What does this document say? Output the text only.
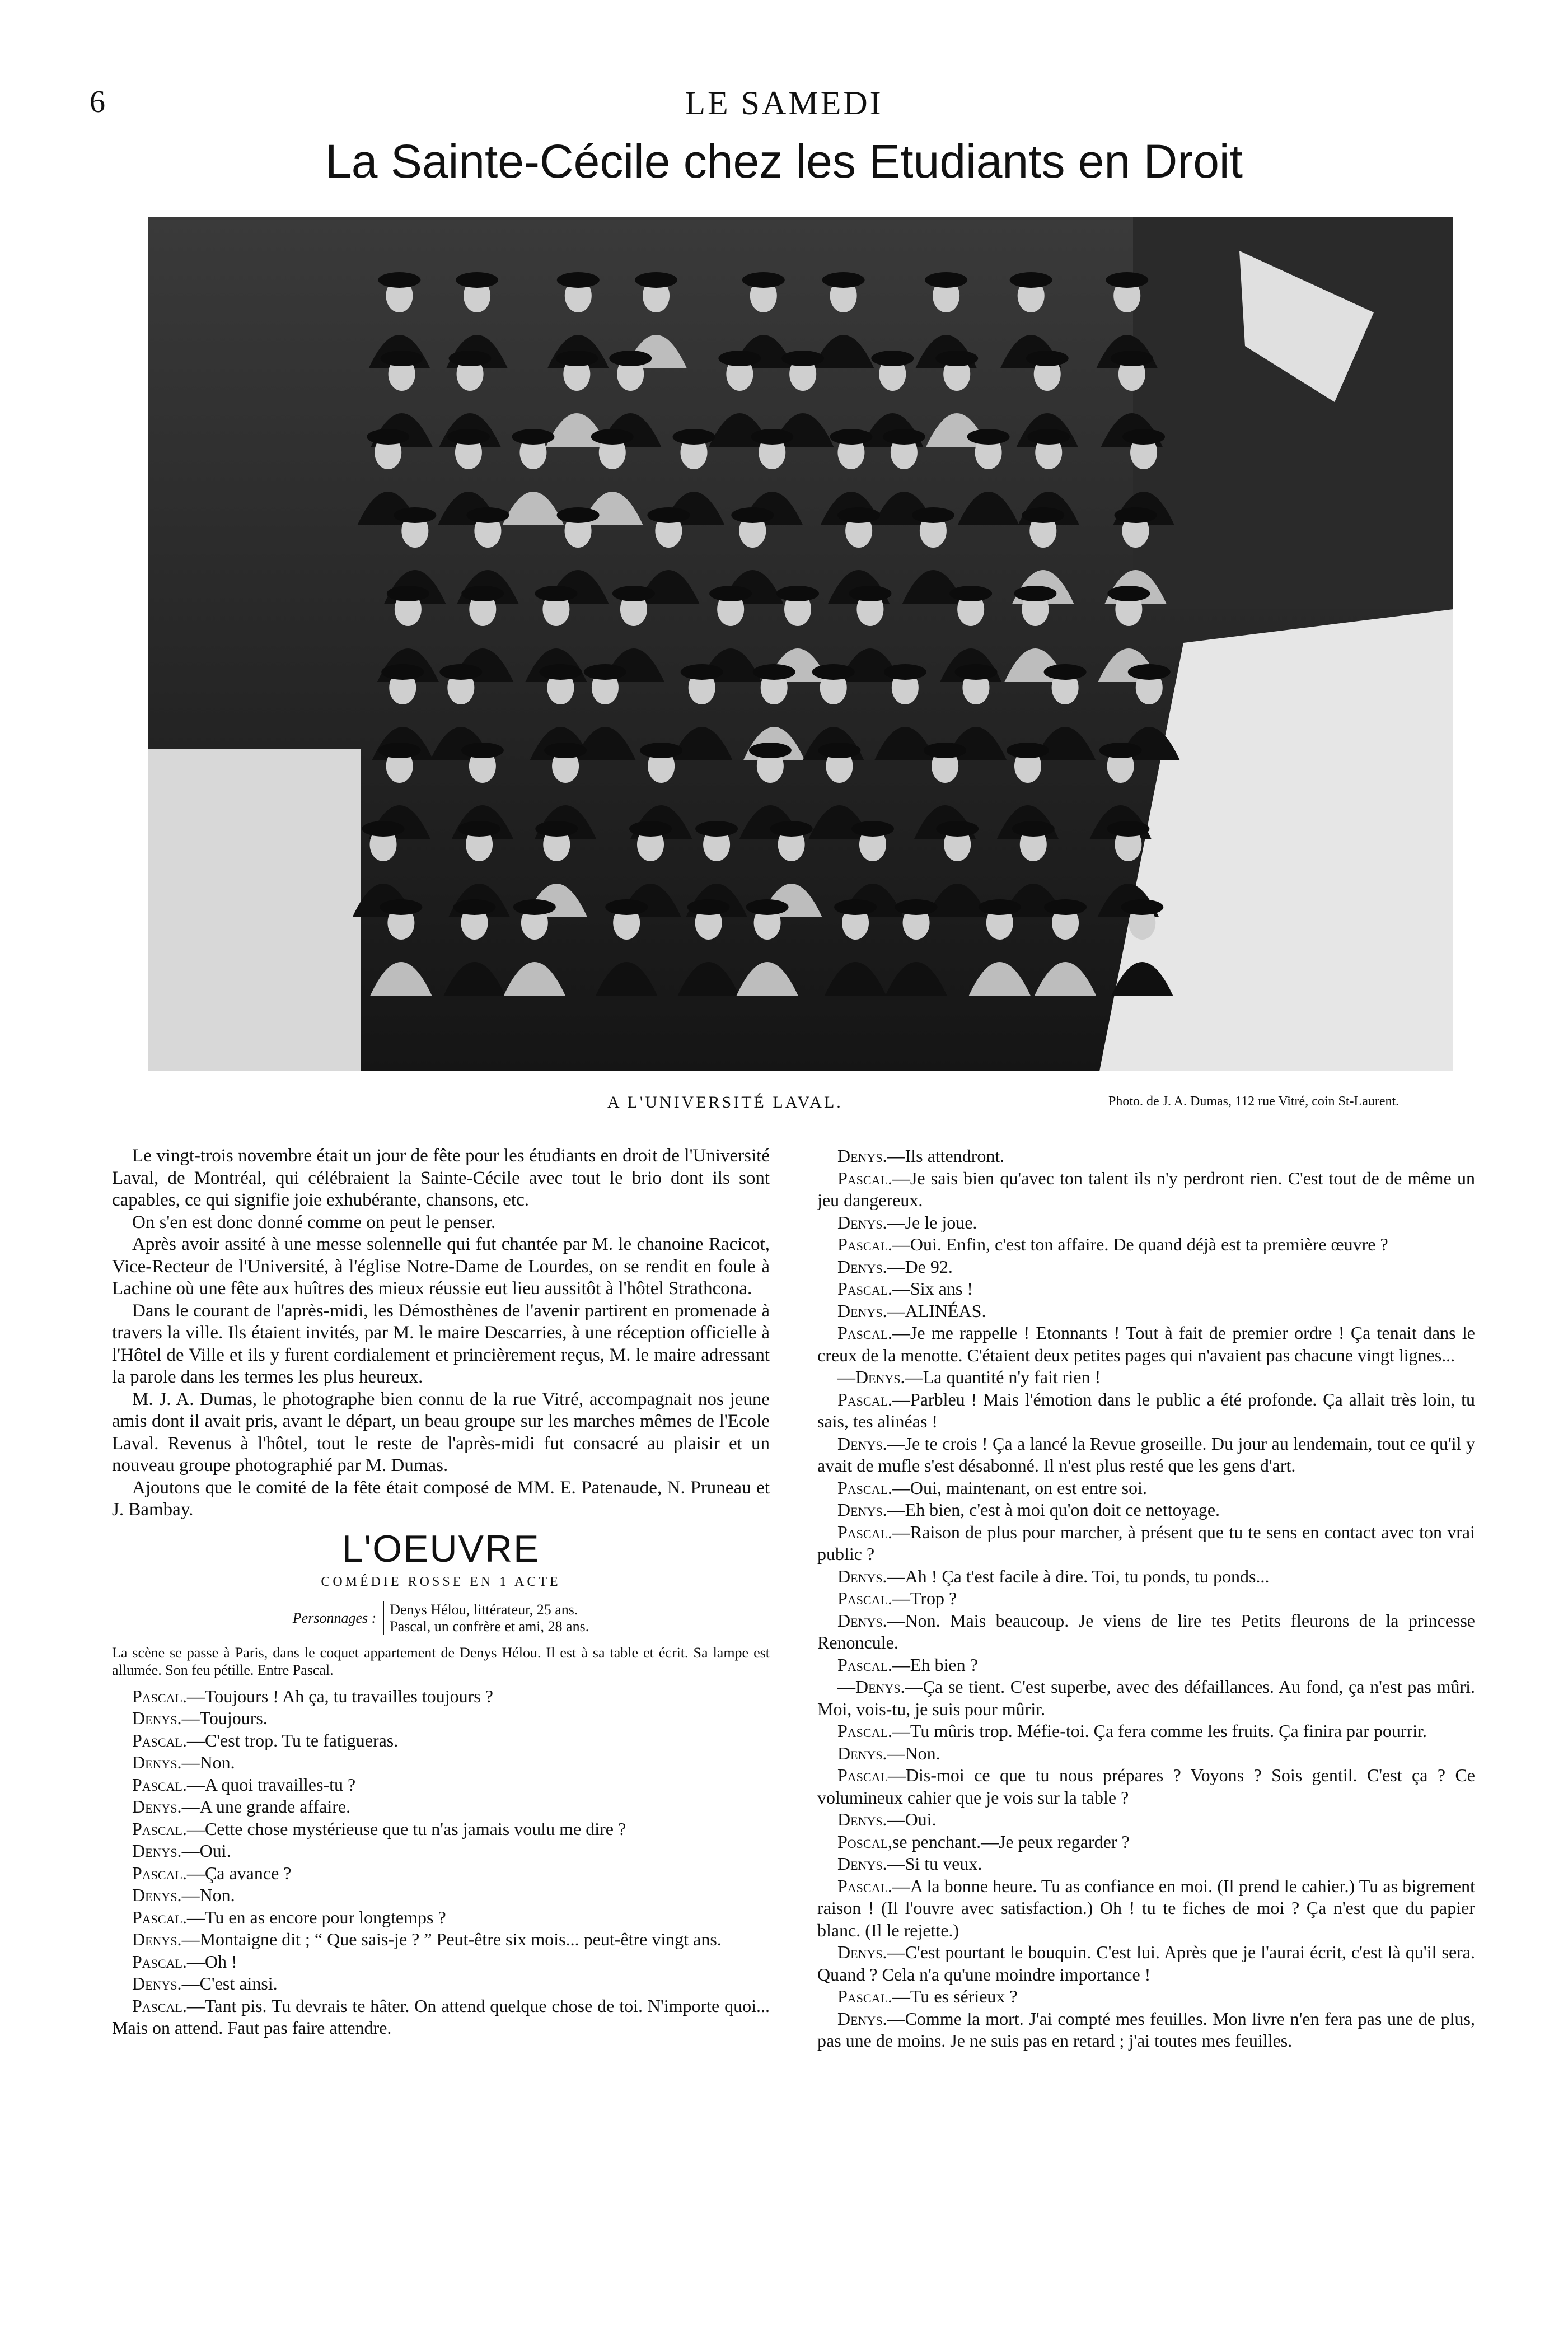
6	LE SAMEDI
La Sainte-Cécile chez les Etudiants en Droit
A L'UNIVERSITÉ LAVAL.	Photo. de J. A. Dumas, 112 rue Vitré, coin St-Laurent.

Le vingt-trois novembre était un jour de fête pour les étudiants en droit de l'Université Laval, de Montréal, qui célébraient la Sainte-Cécile avec tout le brio dont ils sont capables, ce qui signifie joie exhubérante, chansons, etc.

On s'en est donc donné comme on peut le penser.

Après avoir assité à une messe solennelle qui fut chantée par M. le chanoine Racicot, Vice-Recteur de l'Université, à l'église Notre-Dame de Lourdes, on se rendit en foule à Lachine où une fête aux huîtres des mieux réussie eut lieu aussitôt à l'hôtel Strathcona.

Dans le courant de l'après-midi, les Démosthènes de l'avenir partirent en promenade à travers la ville. Ils étaient invités, par M. le maire Descarries, à une réception officielle à l'Hôtel de Ville et ils y furent cordialement et princièrement reçus, M. le maire adressant la parole dans les termes les plus heureux.

M. J. A. Dumas, le photographe bien connu de la rue Vitré, accompagnait nos jeune amis dont il avait pris, avant le départ, un beau groupe sur les marches mêmes de l'Ecole Laval. Revenus à l'hôtel, tout le reste de l'après-midi fut consacré au plaisir et un nouveau groupe photographié par M. Dumas.

Ajoutons que le comité de la fête était composé de MM. E. Patenaude, N. Pruneau et J. Bambay.

L'OEUVRE
COMÉDIE ROSSE EN 1 ACTE
Personnages :
Denys Hélou, littérateur, 25 ans.
Pascal, un confrère et ami, 28 ans.

La scène se passe à Paris, dans le coquet appartement de Denys Hélou. Il est à sa table et écrit. Sa lampe est allumée. Son feu pétille. Entre Pascal.

Pascal.—Toujours ! Ah ça, tu travailles toujours ?

Denys.—Toujours.

Pascal.—C'est trop. Tu te fatigueras.

Denys.—Non.

Pascal.—A quoi travailles-tu ?

Denys.—A une grande affaire.

Pascal.—Cette chose mystérieuse que tu n'as jamais voulu me dire ?

Denys.—Oui.

Pascal.—Ça avance ?

Denys.—Non.

Pascal.—Tu en as encore pour longtemps ?

Denys.—Montaigne dit ; “ Que sais-je ? ” Peut-être six mois... peut-être vingt ans.

Pascal.—Oh !

Denys.—C'est ainsi.

Pascal.—Tant pis. Tu devrais te hâter. On attend quelque chose de toi. N'importe quoi... Mais on attend. Faut pas faire attendre.

Denys.—Ils attendront.

Pascal.—Je sais bien qu'avec ton talent ils n'y perdront rien. C'est tout de de même un jeu dangereux.

Denys.—Je le joue.

Pascal.—Oui. Enfin, c'est ton affaire. De quand déjà est ta première œuvre ?

Denys.—De 92.

Pascal.—Six ans !

Denys.—ALINÉAS.

Pascal.—Je me rappelle ! Etonnants ! Tout à fait de premier ordre ! Ça tenait dans le creux de la menotte. C'étaient deux petites pages qui n'avaient pas chacune vingt lignes...

—Denys.—La quantité n'y fait rien !

Pascal.—Parbleu ! Mais l'émotion dans le public a été profonde. Ça allait très loin, tu sais, tes alinéas !

Denys.—Je te crois ! Ça a lancé la Revue groseille. Du jour au lendemain, tout ce qu'il y avait de mufle s'est désabonné. Il n'est plus resté que les gens d'art.

Pascal.—Oui, maintenant, on est entre soi.

Denys.—Eh bien, c'est à moi qu'on doit ce nettoyage.

Pascal.—Raison de plus pour marcher, à présent que tu te sens en contact avec ton vrai public ?

Denys.—Ah ! Ça t'est facile à dire. Toi, tu ponds, tu ponds...

Pascal.—Trop ?

Denys.—Non. Mais beaucoup. Je viens de lire tes Petits fleurons de la princesse Renoncule.

Pascal.—Eh bien ?

—Denys.—Ça se tient. C'est superbe, avec des défaillances. Au fond, ça n'est pas mûri. Moi, vois-tu, je suis pour mûrir.

Pascal.—Tu mûris trop. Méfie-toi. Ça fera comme les fruits. Ça finira par pourrir.

Denys.—Non.

Pascal—Dis-moi ce que tu nous prépares ? Voyons ? Sois gentil. C'est ça ? Ce volumineux cahier que je vois sur la table ?

Denys.—Oui.

Poscal,se penchant.—Je peux regarder ?

Denys.—Si tu veux.

Pascal.—A la bonne heure. Tu as confiance en moi. (Il prend le cahier.) Tu as bigrement raison ! (Il l'ouvre avec satisfaction.) Oh ! tu te fiches de moi ? Ça n'est que du papier blanc. (Il le rejette.)

Denys.—C'est pourtant le bouquin. C'est lui. Après que je l'aurai écrit, c'est là qu'il sera. Quand ? Cela n'a qu'une moindre importance !

Pascal.—Tu es sérieux ?

Denys.—Comme la mort. J'ai compté mes feuilles. Mon livre n'en fera pas une de plus, pas une de moins. Je ne suis pas en retard ; j'ai toutes mes feuilles.
